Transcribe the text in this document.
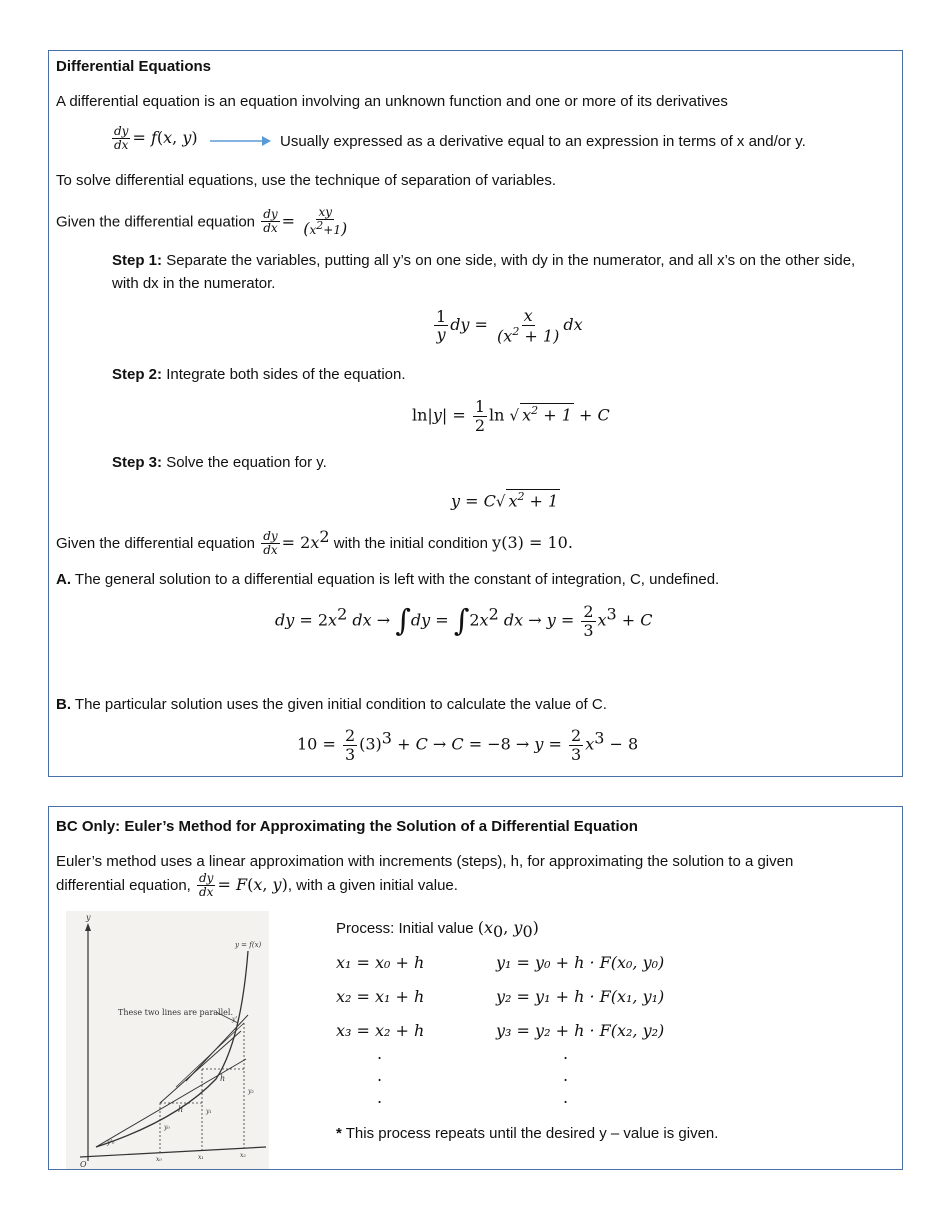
Differential Equations
A differential equation is an equation involving an unknown function and one or more of its derivatives
$\frac{dy}{dx} = f(x$, y)	Usually expressed as a derivative equal to an expression in terms of x and/or y.
To solve differential equations, use the technique of separation of variables.
Given the differential equation $\frac{dy}{dx} = \frac{xy}{(x^2+1)}$
Step 1: Separate the variables, putting all y’s on one side, with dy in the numerator, and all x’s on the other side,
with dx in the numerator.
$\frac{1}{y}$ dy = $\frac{x}{(x^2 + 1)}$ dx
Step 2: Integrate both sides of the equation.
$\ln|y| = \frac{1}{2}$ ln √ $x^2 + 1 + C$
Step 3: Solve the equation for y.
y = C√ $x^2 + 1$
Given the differential equation $\frac{dy}{dx} = 2x^2$ with the initial condition y(3) = 10.
A. The general solution to a differential equation is left with the constant of integration, C, undefined.
dy = $2x^2$ dx → $\int dy = \int 2x^2$ dx → $y = \frac{2}{3} x^3 + C$
B. The particular solution uses the given initial condition to calculate the value of C.
$10 = \frac{2}{3} (3)^3 + C \to C = -8 \to y = \frac{2}{3} x^3 - 8$
BC Only: Euler’s Method for Approximating the Solution of a Differential Equation
Euler’s method uses a linear approximation with increments (steps), h, for approximating the solution to a given
differential equation, $\frac{dy}{dx} = F(x$, y), with a given initial value.
y
O
y = f(x)
h
h
These two lines are parallel.
x₀	x₁	x₂
y'₀
y₀
y₁
y₂
y'₁
Process: Initial value ($x_0$, $y_0$)
x₁ = x₀ + h	y₁ = y₀ + h · F(x₀, y₀)
x₂ = x₁ + h	y₂ = y₁ + h · F(x₁, y₁)
x₃ = x₂ + h	y₃ = y₂ + h · F(x₂, y₂)
.
.
.
.
.
.
* This process repeats until the desired y – value is given.
